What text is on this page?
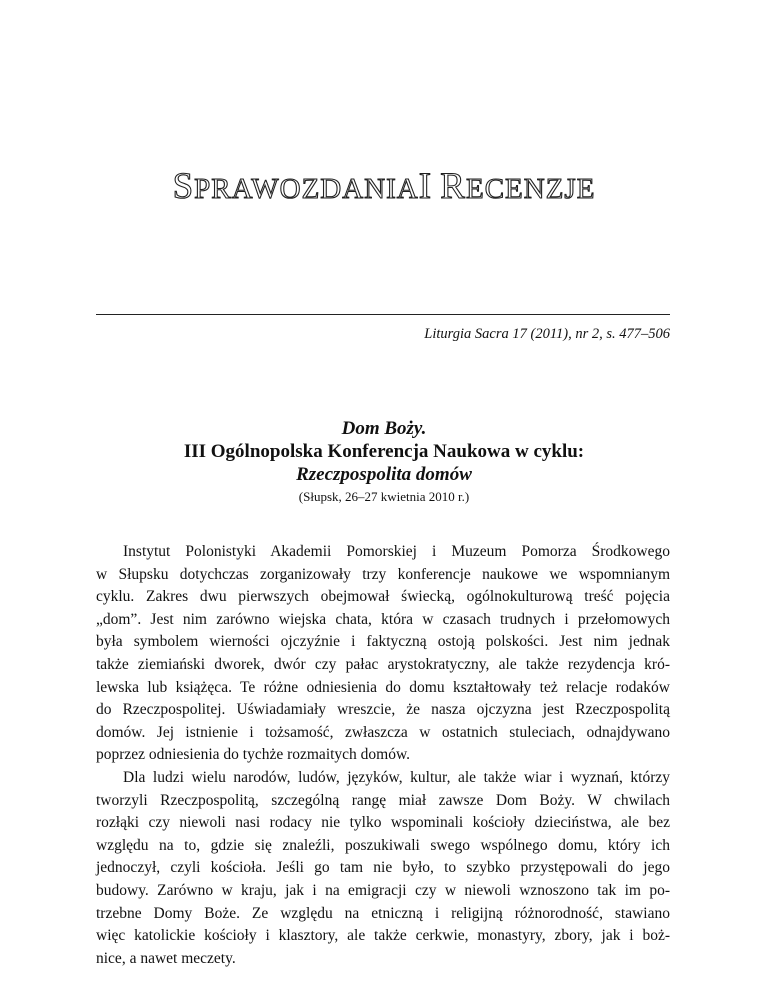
SPRAWOZDANIAI RECENZJE
Liturgia Sacra 17 (2011), nr 2, s. 477–506
Dom Boży.
III Ogólnopolska Konferencja Naukowa w cyklu:
Rzeczpospolita domów
(Słupsk, 26–27 kwietnia 2010 r.)

Instytut Polonistyki Akademii Pomorskiej i Muzeum Pomorza Środkowego

w Słupsku dotychczas zorganizowały trzy konferencje naukowe we wspomnianym

cyklu. Zakres dwu pierwszych obejmował świecką, ogólnokulturową treść pojęcia

„dom”. Jest nim zarówno wiejska chata, która w czasach trudnych i przełomowych

była symbolem wierności ojczyźnie i faktyczną ostoją polskości. Jest nim jednak

także ziemiański dworek, dwór czy pałac arystokratyczny, ale także rezydencja kró-

lewska lub książęca. Te różne odniesienia do domu kształtowały też relacje rodaków

do Rzeczpospolitej. Uświadamiały wreszcie, że nasza ojczyzna jest Rzeczpospolitą

domów. Jej istnienie i tożsamość, zwłaszcza w ostatnich stuleciach, odnajdywano

poprzez odniesienia do tychże rozmaitych domów.

Dla ludzi wielu narodów, ludów, języków, kultur, ale także wiar i wyznań, którzy

tworzyli Rzeczpospolitą, szczególną rangę miał zawsze Dom Boży. W chwilach

rozłąki czy niewoli nasi rodacy nie tylko wspominali kościoły dzieciństwa, ale bez

względu na to, gdzie się znaleźli, poszukiwali swego wspólnego domu, który ich

jednoczył, czyli kościoła. Jeśli go tam nie było, to szybko przystępowali do jego

budowy. Zarówno w kraju, jak i na emigracji czy w niewoli wznoszono tak im po-

trzebne Domy Boże. Ze względu na etniczną i religijną różnorodność, stawiano

więc katolickie kościoły i klasztory, ale także cerkwie, monastyry, zbory, jak i boż-

nice, a nawet meczety.
